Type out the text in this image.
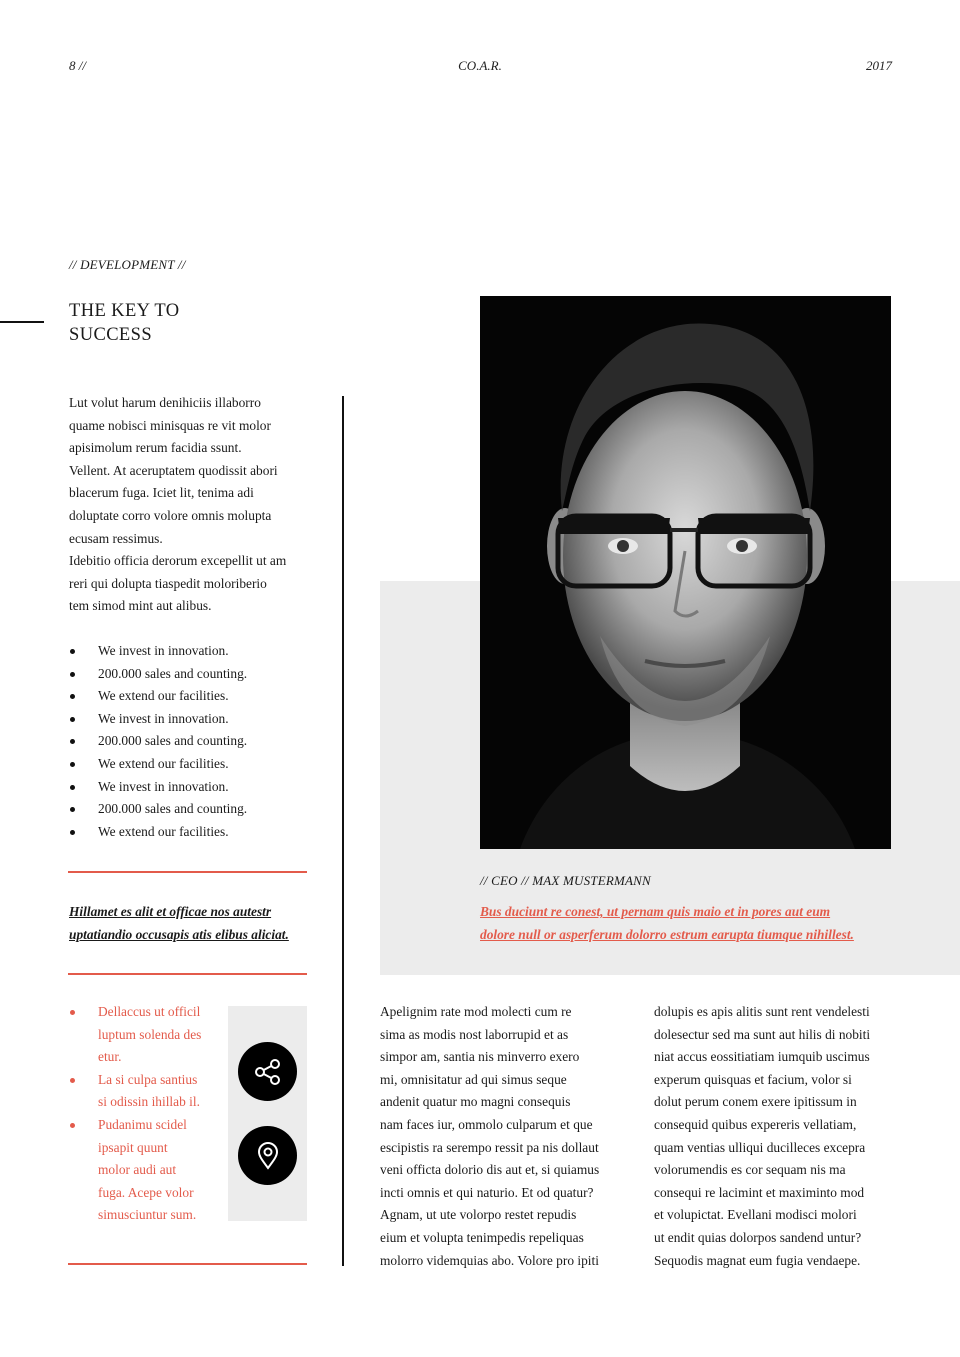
8 //	CO.A.R.	2017
// DEVELOPMENT //
THE KEY TO
SUCCESS

Lut volut harum denihiciis illaborro

quame nobisci minisquas re vit molor

apisimolum rerum facidia ssunt.

Vellent. At aceruptatem quodissit abori

blacerum fuga. Iciet lit, tenima adi

doluptate corro volore omnis molupta

ecusam ressimus.

Idebitio officia derorum excepellit ut am

reri qui dolupta tiaspedit moloriberio

tem simod mint aut alibus.

We invest in innovation.
200.000 sales and counting.
We extend our facilities.
We invest in innovation.
200.000 sales and counting.
We extend our facilities.
We invest in innovation.
200.000 sales and counting.
We extend our facilities.
Hillamet es alit et officae nos autestr
uptatiandio occusapis atis elibus aliciat.
Dellaccus ut officil
luptum solenda des
etur.
La si culpa santius
si odissin ihillab il.
Pudanimu scidel
ipsapit quunt
molor audi aut
fuga. Acepe volor
simusciuntur sum.
// CEO // MAX MUSTERMANN
Bus duciunt re conest, ut pernam quis maio et in pores aut eum
dolore null or asperferum dolorro estrum earupta tiumque nihillest.

Apelignim rate mod molecti cum re

sima as modis nost laborrupid et as

simpor am, santia nis minverro exero

mi, omnisitatur ad qui simus seque

andenit quatur mo magni consequis

nam faces iur, ommolo culparum et que

escipistis ra serempo ressit pa nis dollaut

veni officta dolorio dis aut et, si quiamus

incti omnis et qui naturio. Et od quatur?

Agnam, ut ute volorpo restet repudis

eium et volupta tenimpedis repeliquas

molorro videmquias abo. Volore pro ipiti

dolupis es apis alitis sunt rent vendelesti

dolesectur sed ma sunt aut hilis di nobiti

niat accus eossitiatiam iumquib uscimus

experum quisquas et facium, volor si

dolut perum conem exere ipitissum in

consequid quibus expereris vellatiam,

quam ventias ulliqui ducilleces excepra

volorumendis es cor sequam nis ma

consequi re lacimint et maximinto mod

et volupictat. Evellani modisci molori

ut endit quias dolorpos sandend untur?

Sequodis magnat eum fugia vendaepe.
